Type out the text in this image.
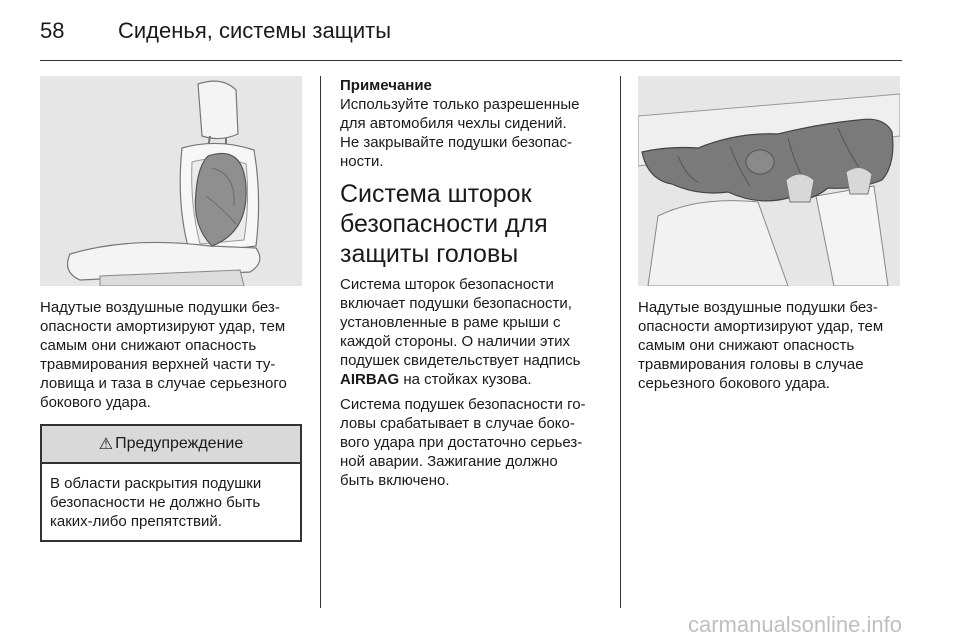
58 Сиденья, системы защиты
Надутые воздушные подушки без-
опасности амортизируют удар, тем
самым они снижают опасность
травмирования верхней части ту-
ловища и таза в случае серьезного
бокового удара.
⚠ Предупреждение
В области раскрытия подушки
безопасности не должно быть
каких-либо препятствий.
Примечание
Используйте только разрешенные
для автомобиля чехлы сидений.
Не закрывайте подушки безопас-
ности.
Система шторок
безопасности для
защиты головы
Система шторок безопасности
включает подушки безопасности,
установленные в раме крыши с
каждой стороны. О наличии этих
подушек свидетельствует надпись
AIRBAG на стойках кузова.
Система подушек безопасности го-
ловы срабатывает в случае боко-
вого удара при достаточно серьез-
ной аварии. Зажигание должно
быть включено.
Надутые воздушные подушки без-
опасности амортизируют удар, тем
самым они снижают опасность
травмирования головы в случае
серьезного бокового удара.
carmanualsonline.info
